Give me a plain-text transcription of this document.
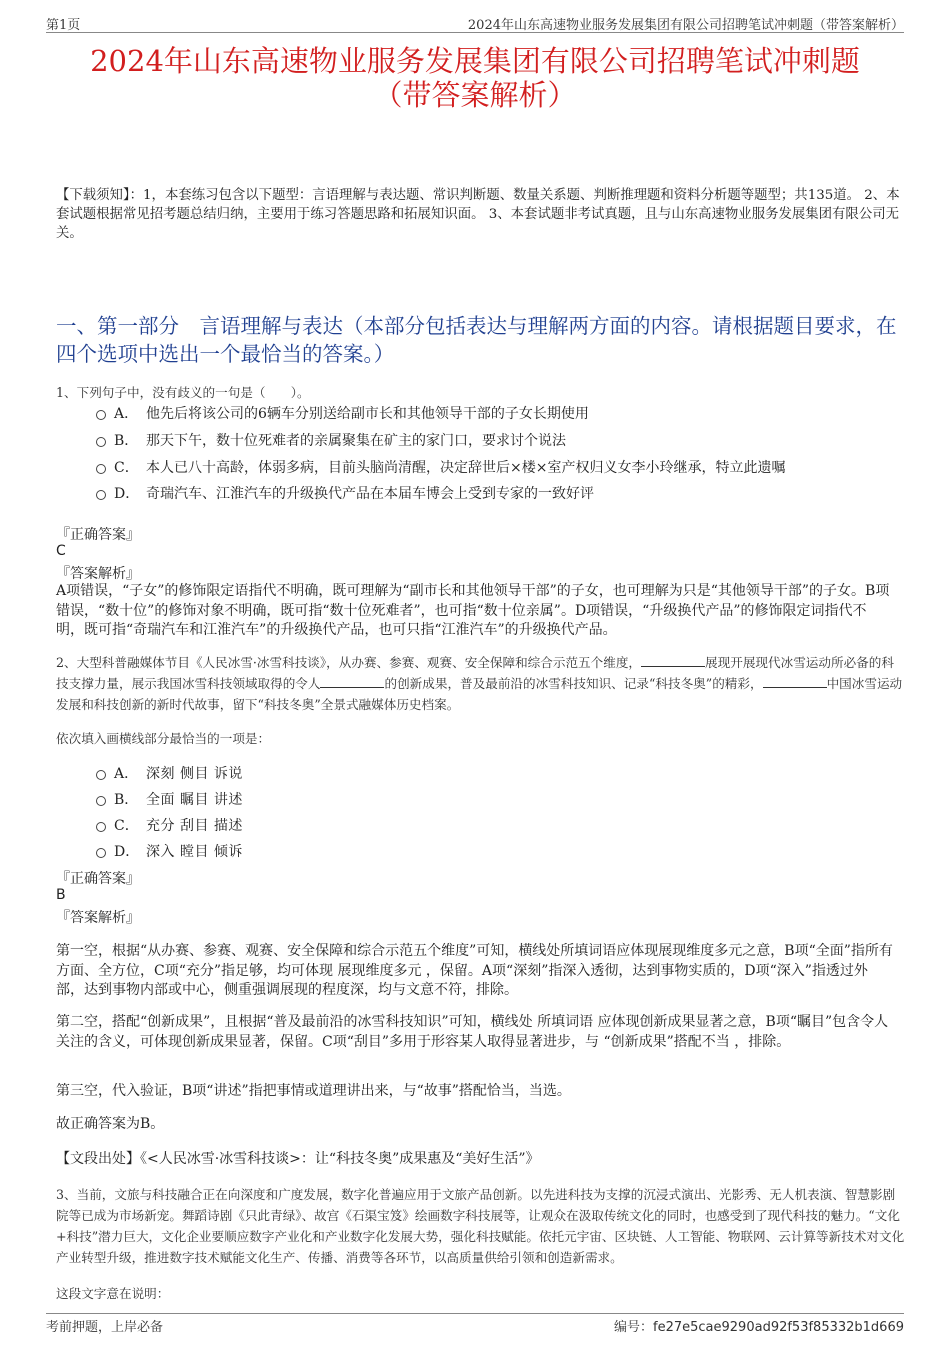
第1页	2024年山东高速物业服务发展集团有限公司招聘笔试冲刺题（带答案解析）
2024年山东高速物业服务发展集团有限公司招聘笔试冲刺题
（带答案解析）

【下载须知】：1，本套练习包含以下题型：言语理解与表达题、常识判断题、数量关系题、判断推理题和资料分析题等题型；共135道。 2、本套试题根据常见招考题总结归纳，主要用于练习答题思路和拓展知识面。 3、本套试题非考试真题，且与山东高速物业服务发展集团有限公司无关。

一、第一部分　言语理解与表达（本部分包括表达与理解两方面的内容。请根据题目要求，在四个选项中选出一个最恰当的答案。）

1、下列句子中，没有歧义的一句是（　　）。

A． 他先后将该公司的6辆车分别送给副市长和其他领导干部的子女长期使用
B． 那天下午，数十位死难者的亲属聚集在矿主的家门口，要求讨个说法
C． 本人已八十高龄，体弱多病，目前头脑尚清醒，决定辞世后×楼×室产权归义女李小玲继承，特立此遗嘱
D． 奇瑞汽车、江淮汽车的升级换代产品在本届车博会上受到专家的一致好评

『正确答案』

C

『答案解析』

A项错误，“子女”的修饰限定语指代不明确，既可理解为“副市长和其他领导干部”的子女，也可理解为只是“其他领导干部”的子女。B项错误，“数十位”的修饰对象不明确，既可指“数十位死难者”，也可指“数十位亲属”。D项错误，“升级换代产品”的修饰限定词指代不明，既可指“奇瑞汽车和江淮汽车”的升级换代产品，也可只指“江淮汽车”的升级换代产品。

2、大型科普融媒体节目《人民冰雪·冰雪科技谈》，从办赛、参赛、观赛、安全保障和综合示范五个维度，	展现开展现代冰雪运动所必备的科技支撑力量，展示我国冰雪科技领域取得的令人	的创新成果，普及最前沿的冰雪科技知识、记录“科技冬奥”的精彩，	中国冰雪运动发展和科技创新的新时代故事，留下“科技冬奥”全景式融媒体历史档案。

依次填入画横线部分最恰当的一项是：

A． 深刻 侧目 诉说
B． 全面 瞩目 讲述
C． 充分 刮目 描述
D． 深入 瞠目 倾诉

『正确答案』

B

『答案解析』

第一空，根据“从办赛、参赛、观赛、安全保障和综合示范五个维度”可知，横线处所填词语应体现展现维度多元之意，B项“全面”指所有方面、全方位，C项“充分”指足够，均可体现 展现维度多元 ，保留。A项“深刻”指深入透彻，达到事物实质的，D项“深入”指透过外部，达到事物内部或中心，侧重强调展现的程度深，均与文意不符，排除。

第二空，搭配“创新成果”，且根据“普及最前沿的冰雪科技知识”可知，横线处 所填词语 应体现创新成果显著之意，B项“瞩目”包含令人关注的含义，可体现创新成果显著，保留。C项“刮目”多用于形容某人取得显著进步，与 “创新成果”搭配不当 ，排除。

第三空，代入验证，B项“讲述”指把事情或道理讲出来，与“故事”搭配恰当，当选。

故正确答案为B。

【文段出处】《<人民冰雪·冰雪科技谈>：让“科技冬奥”成果惠及“美好生活”》

3、当前，文旅与科技融合正在向深度和广度发展，数字化普遍应用于文旅产品创新。以先进科技为支撑的沉浸式演出、光影秀、无人机表演、智慧影剧院等已成为市场新宠。舞蹈诗剧《只此青绿》、故宫《石渠宝笈》绘画数字科技展等，让观众在汲取传统文化的同时，也感受到了现代科技的魅力。“文化+科技”潜力巨大，文化企业要顺应数字产业化和产业数字化发展大势，强化科技赋能。依托元宇宙、区块链、人工智能、物联网、云计算等新技术对文化产业转型升级，推进数字技术赋能文化生产、传播、消费等各环节，以高质量供给引领和创造新需求。

这段文字意在说明：

考前押题，上岸必备	编号：fe27e5cae9290ad92f53f85332b1d669
